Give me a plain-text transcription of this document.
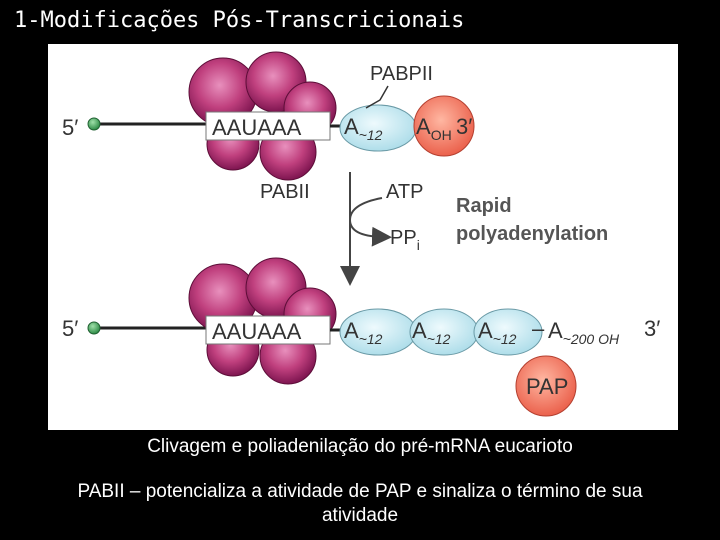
1-Modificações Pós-Transcricionais
5′	AAUAAA $A_{\sim 12}$
PABPII
$A_{OH}$ 3′
PABII	ATP
$PP_i$
Rapid
polyadenylation
5′	AAUAAA $A_{\sim 12}$ $A_{\sim 12}$ $A_{\sim 12} - A_{\sim 200 OH}$ 3′
PAP
Clivagem e poliadenilação do pré-mRNA eucarioto
PABII – potencializa a atividade de PAP e sinaliza o término de sua atividade
